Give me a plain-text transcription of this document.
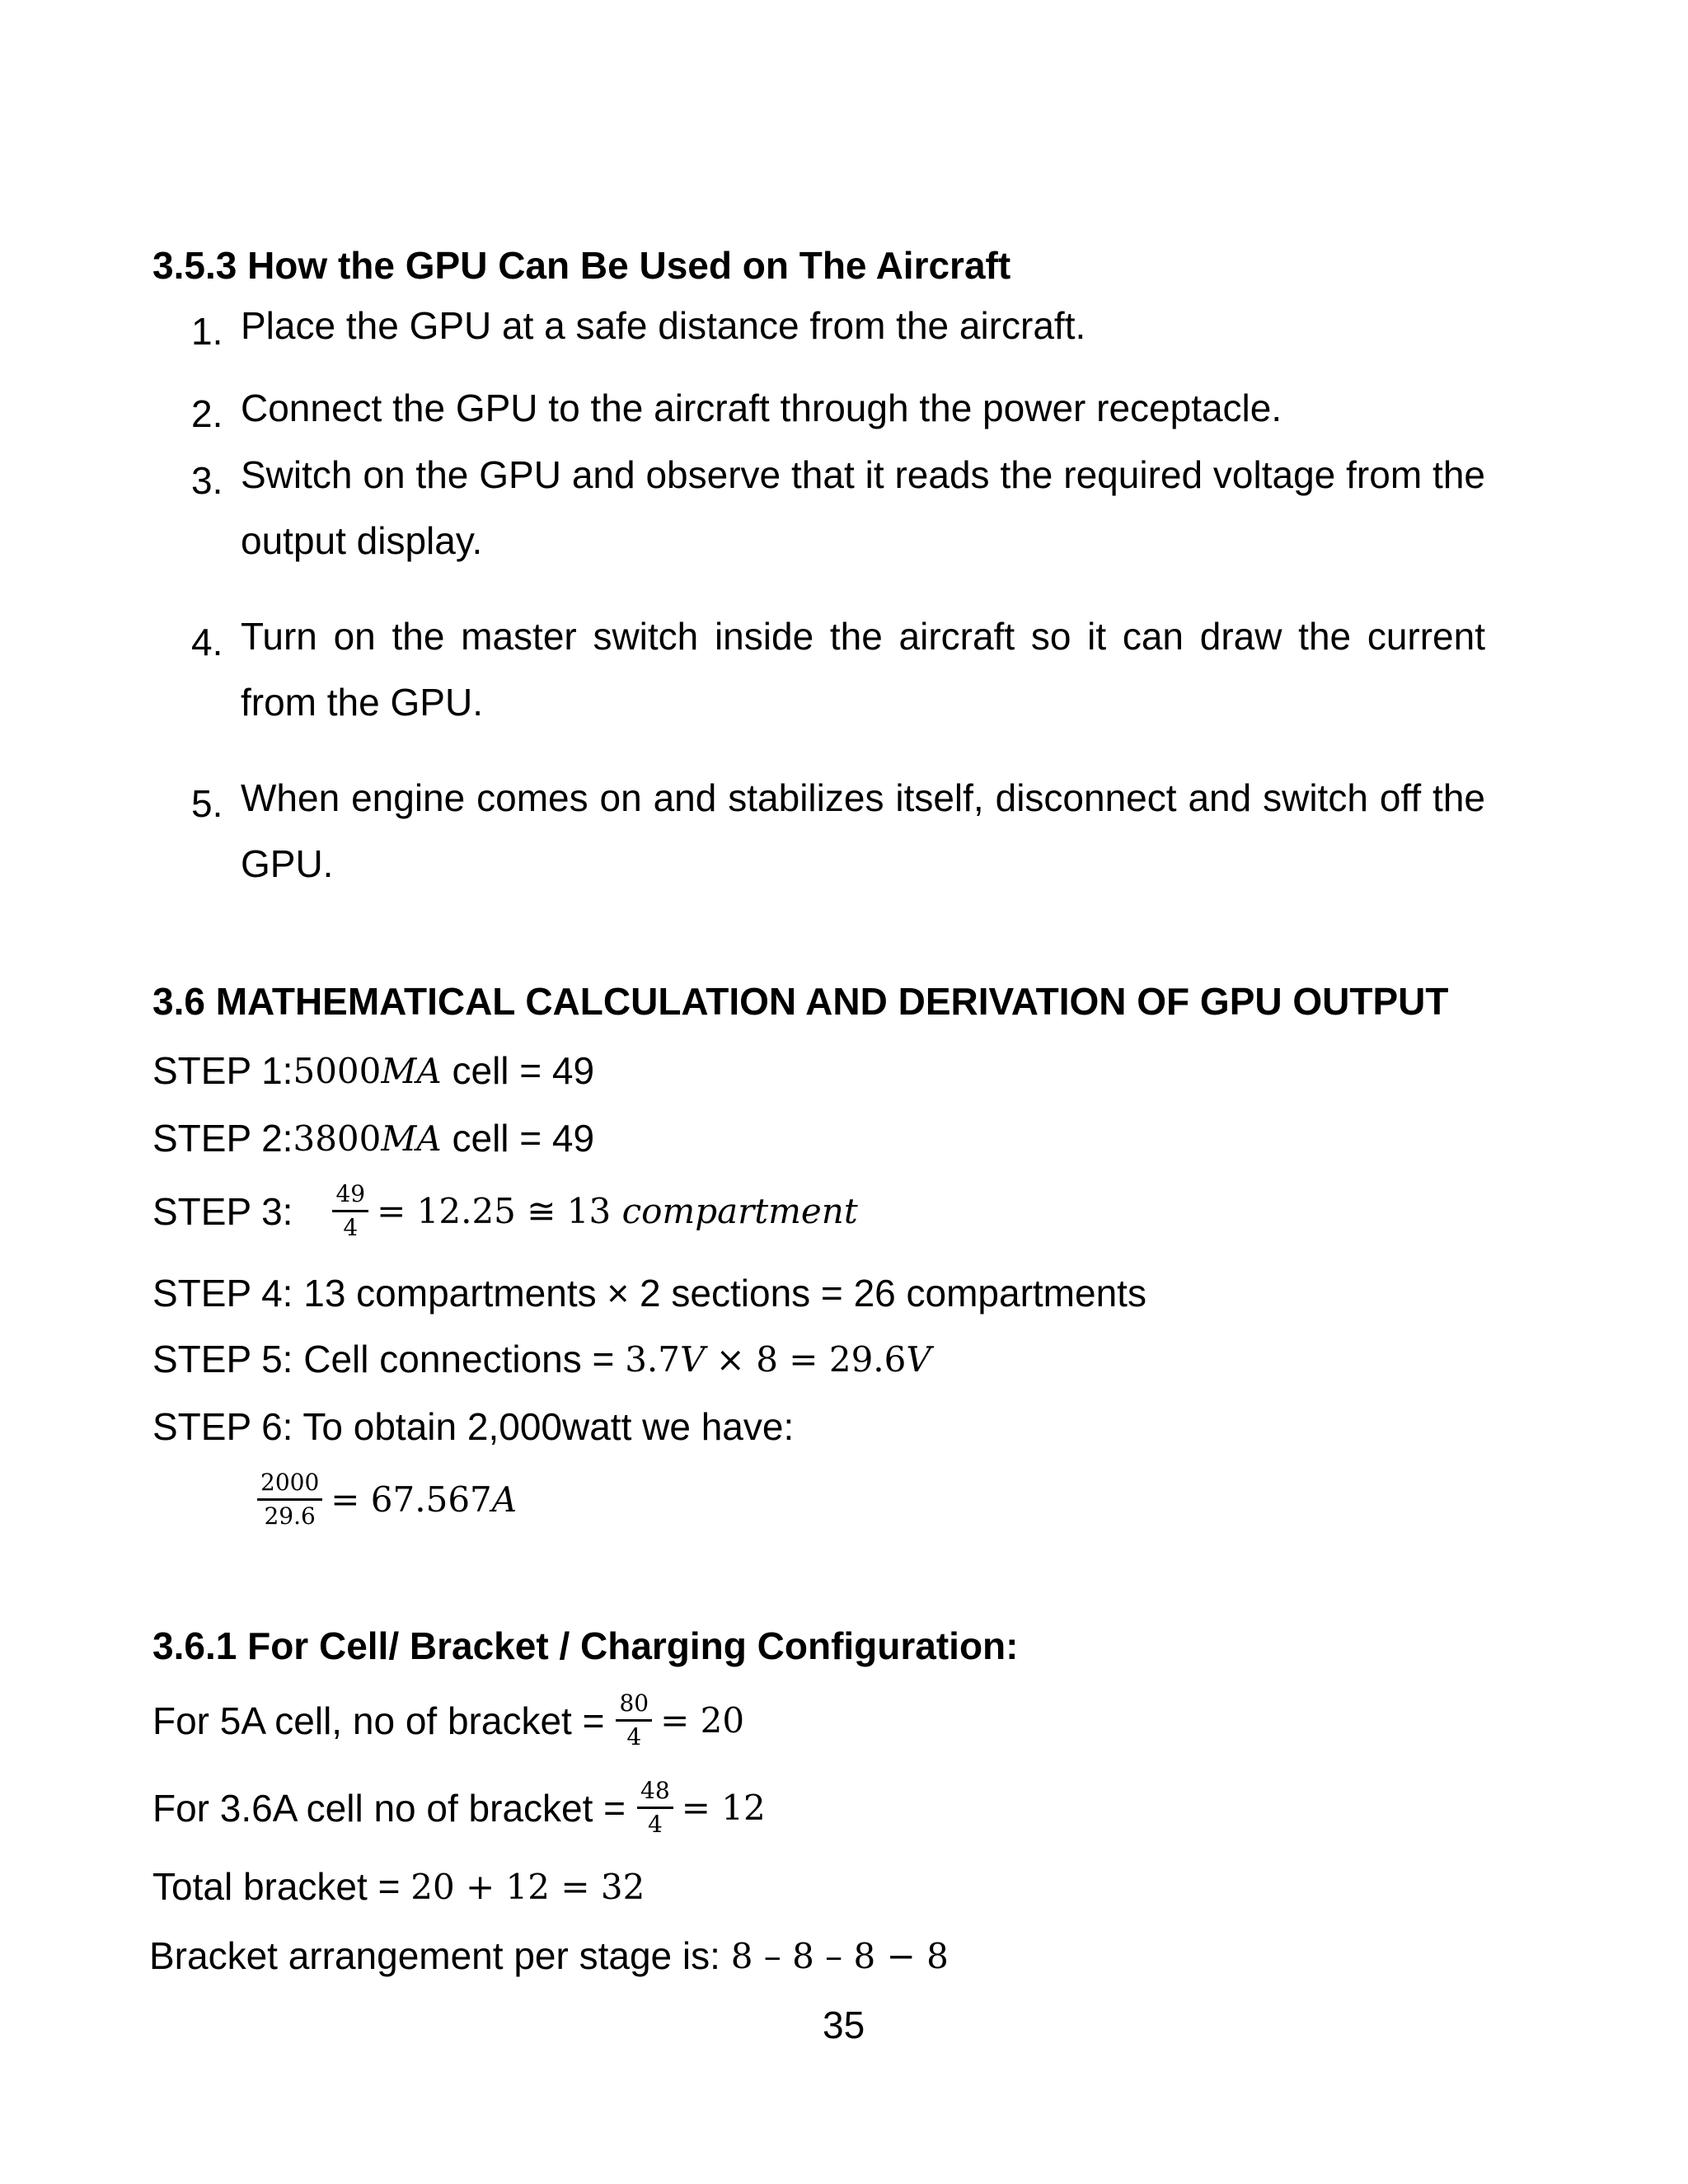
3.5.3 How the GPU Can Be Used on The Aircraft
1. Place the GPU at a safe distance from the aircraft.
2. Connect the GPU to the aircraft through the power receptacle.
3. Switch on the GPU and observe that it reads the required voltage from the output display.
4. Turn on the master switch inside the aircraft so it can draw the current from the GPU.
5. When engine comes on and stabilizes itself, disconnect and switch off the GPU.
3.6 MATHEMATICAL CALCULATION AND DERIVATION OF GPU OUTPUT
STEP 1: 5000 MA cell = 49
STEP 2: 3800 MA cell = 49
STEP 3: $\frac{49}{4} = 12.25$ ≅ 13 compartment
STEP 4: 13 compartments × 2 sections = 26 compartments
STEP 5: Cell connections = 3.7 V × 8 = 29.6 V
STEP 6: To obtain 2,000watt we have:
$\frac{2000}{29.6} = 67.567$ A
3.6.1 For Cell/ Bracket / Charging Configuration:
For 5A cell, no of bracket = $\frac{80}{4} = 20$
For 3.6A cell no of bracket = $\frac{48}{4} = 12$
Total bracket = 20 + 12 = 32
Bracket arrangement per stage is: 8 – 8 – 8 − 8
35
